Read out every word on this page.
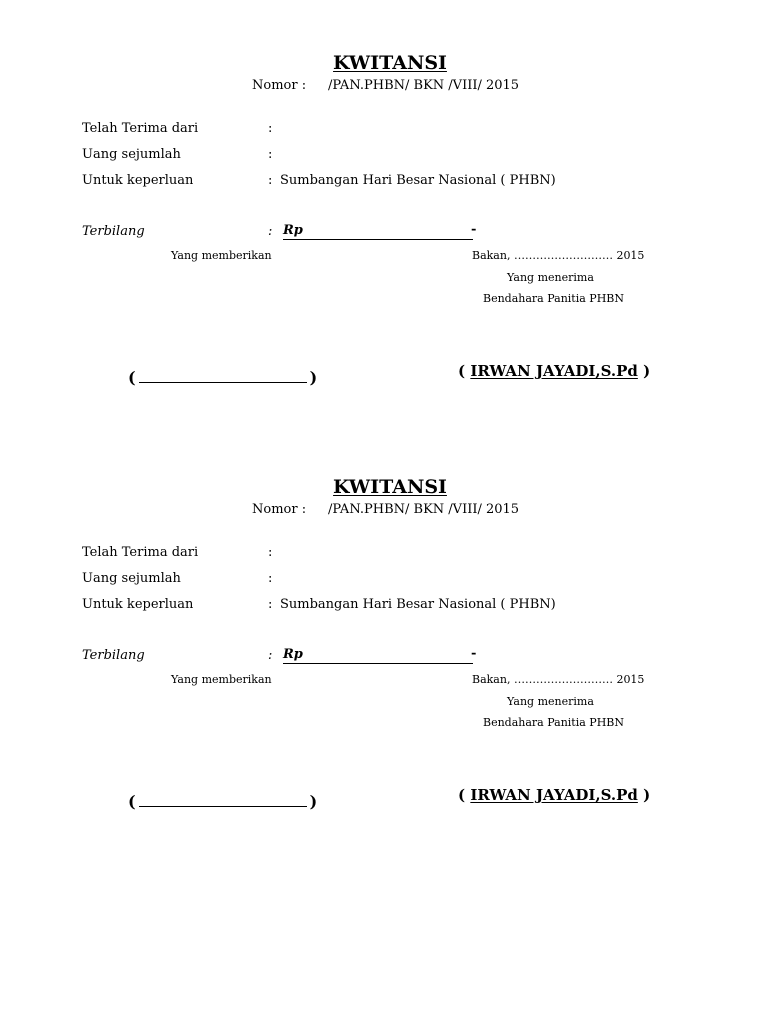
KWITANSI
Nomor : /PAN.PHBN/ BKN /VIII/ 2015
Telah Terima dari	:
Uang sejumlah	:
Untuk keperluan	: Sumbangan Hari Besar Nasional ( PHBN)
Terbilang	: Rp	-
Yang memberikan	Bakan, ……………………… 2015
Yang menerima
Bendahara Panitia PHBN
(	)	( IRWAN JAYADI,S.Pd )
KWITANSI
Nomor : /PAN.PHBN/ BKN /VIII/ 2015
Telah Terima dari	:
Uang sejumlah	:
Untuk keperluan	: Sumbangan Hari Besar Nasional ( PHBN)
Terbilang	: Rp	-
Yang memberikan	Bakan, ……………………… 2015
Yang menerima
Bendahara Panitia PHBN
(	)	( IRWAN JAYADI,S.Pd )
